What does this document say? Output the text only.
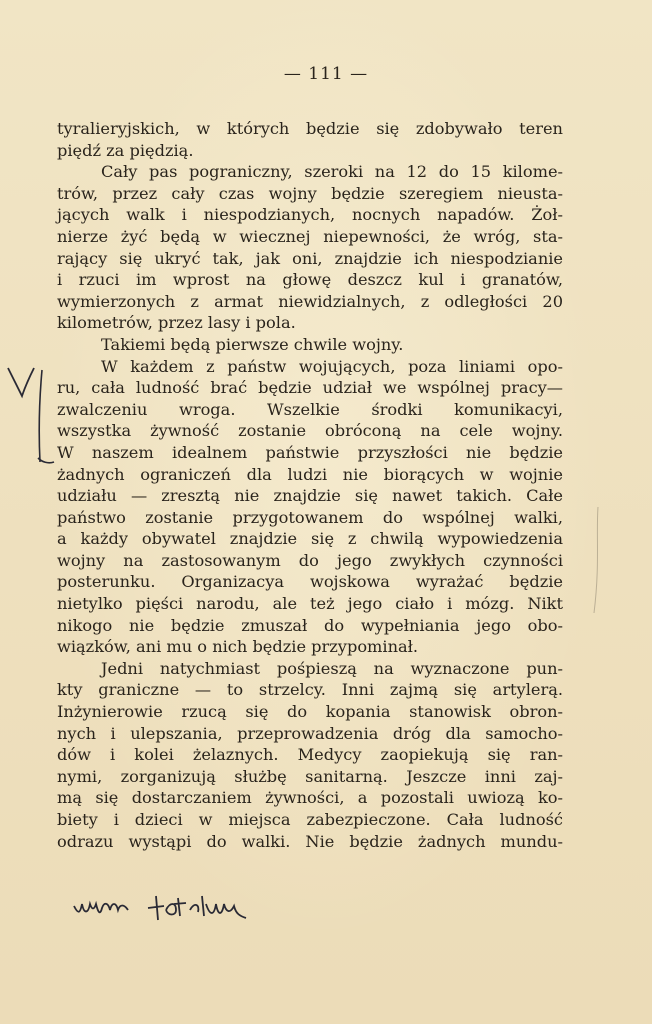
— 111 —
tyralieryjskich, w których będzie się zdobywało teren
piędź za piędzią.
Cały pas pograniczny, szeroki na 12 do 15 kilome-
trów, przez cały czas wojny będzie szeregiem nieusta-
jących walk i niespodzianych, nocnych napadów. Żoł-
nierze żyć będą w wiecznej niepewności, że wróg, sta-
rający się ukryć tak, jak oni, znajdzie ich niespodzianie
i rzuci im wprost na głowę deszcz kul i granatów,
wymierzonych z armat niewidzialnych, z odległości 20
kilometrów, przez lasy i pola.
Takiemi będą pierwsze chwile wojny.
W każdem z państw wojujących, poza liniami opo-
ru, cała ludność brać będzie udział we wspólnej pracy—
zwalczeniu wroga. Wszelkie środki komunikacyi,
wszystka żywność zostanie obróconą na cele wojny.
W naszem idealnem państwie przyszłości nie będzie
żadnych ograniczeń dla ludzi nie biorących w wojnie
udziału — zresztą nie znajdzie się nawet takich. Całe
państwo zostanie przygotowanem do wspólnej walki,
a każdy obywatel znajdzie się z chwilą wypowiedzenia
wojny na zastosowanym do jego zwykłych czynności
posterunku. Organizacya wojskowa wyrażać będzie
nietylko pięści narodu, ale też jego ciało i mózg. Nikt
nikogo nie będzie zmuszał do wypełniania jego obo-
wiązków, ani mu o nich będzie przypominał.
Jedni natychmiast pośpieszą na wyznaczone pun-
kty graniczne — to strzelcy. Inni zajmą się artylerą.
Inżynierowie rzucą się do kopania stanowisk obron-
nych i ulepszania, przeprowadzenia dróg dla samocho-
dów i kolei żelaznych. Medycy zaopiekują się ran-
nymi, zorganizują służbę sanitarną. Jeszcze inni zaj-
mą się dostarczaniem żywności, a pozostali uwiozą ko-
biety i dzieci w miejsca zabezpieczone. Cała ludność
odrazu wystąpi do walki. Nie będzie żadnych mundu-
